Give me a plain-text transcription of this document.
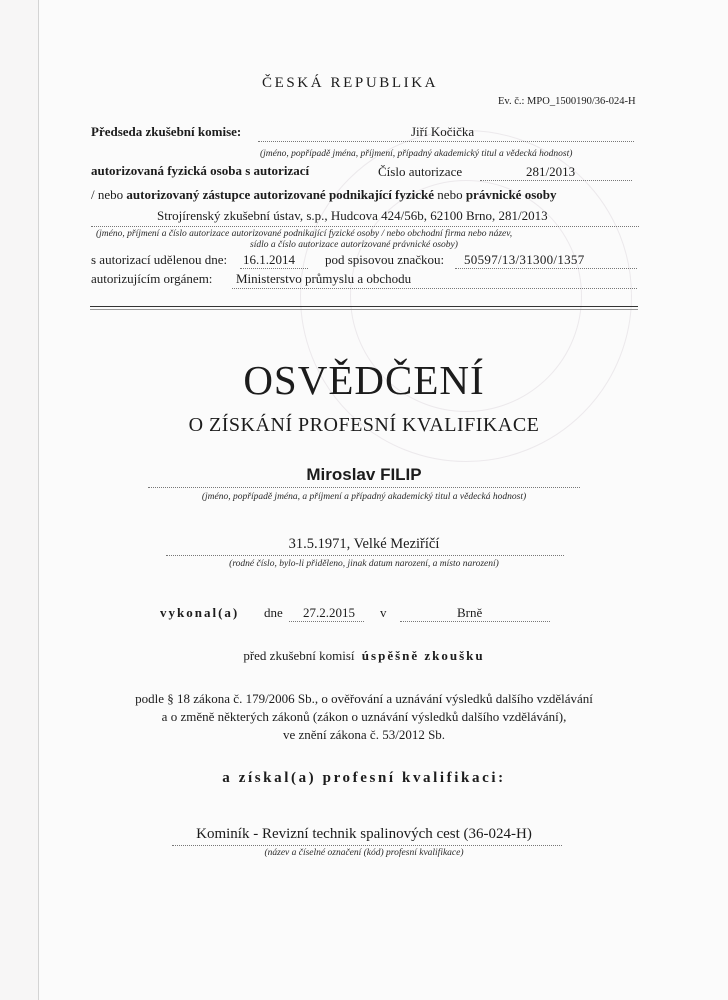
ČESKÁ REPUBLIKA
Ev. č.: MPO_1500190/36-024-H
Předseda zkušební komise:	Jiří Kočička
(jméno, popřípadě jména, příjmení, případný akademický titul a vědecká hodnost)
autorizovaná fyzická osoba s autorizací	Číslo autorizace	281/2013
/ nebo autorizovaný zástupce autorizované podnikající fyzické nebo právnické osoby
Strojírenský zkušební ústav, s.p., Hudcova 424/56b, 62100 Brno, 281/2013
(jméno, příjmení a číslo autorizace autorizované podnikající fyzické osoby / nebo obchodní firma nebo název,
sídlo a číslo autorizace autorizované právnické osoby)
s autorizací udělenou dne: 16.1.2014 pod spisovou značkou: 50597/13/31300/1357
autorizujícím orgánem: Ministerstvo průmyslu a obchodu
OSVĚDČENÍ
O ZÍSKÁNÍ PROFESNÍ KVALIFIKACE
Miroslav FILIP
(jméno, popřípadě jména, a příjmení a případný akademický titul a vědecká hodnost)
31.5.1971, Velké Meziříčí
(rodné číslo, bylo-li přiděleno, jinak datum narození, a místo narození)
vykonal(a) dne 27.2.2015 v	Brně
před zkušební komisí úspěšně zkoušku
podle § 18 zákona č. 179/2006 Sb., o ověřování a uznávání výsledků dalšího vzdělávání
a o změně některých zákonů (zákon o uznávání výsledků dalšího vzdělávání),
ve znění zákona č. 53/2012 Sb.
a získal(a) profesní kvalifikaci:
Kominík - Revizní technik spalinových cest (36-024-H)
(název a číselné označení (kód) profesní kvalifikace)
